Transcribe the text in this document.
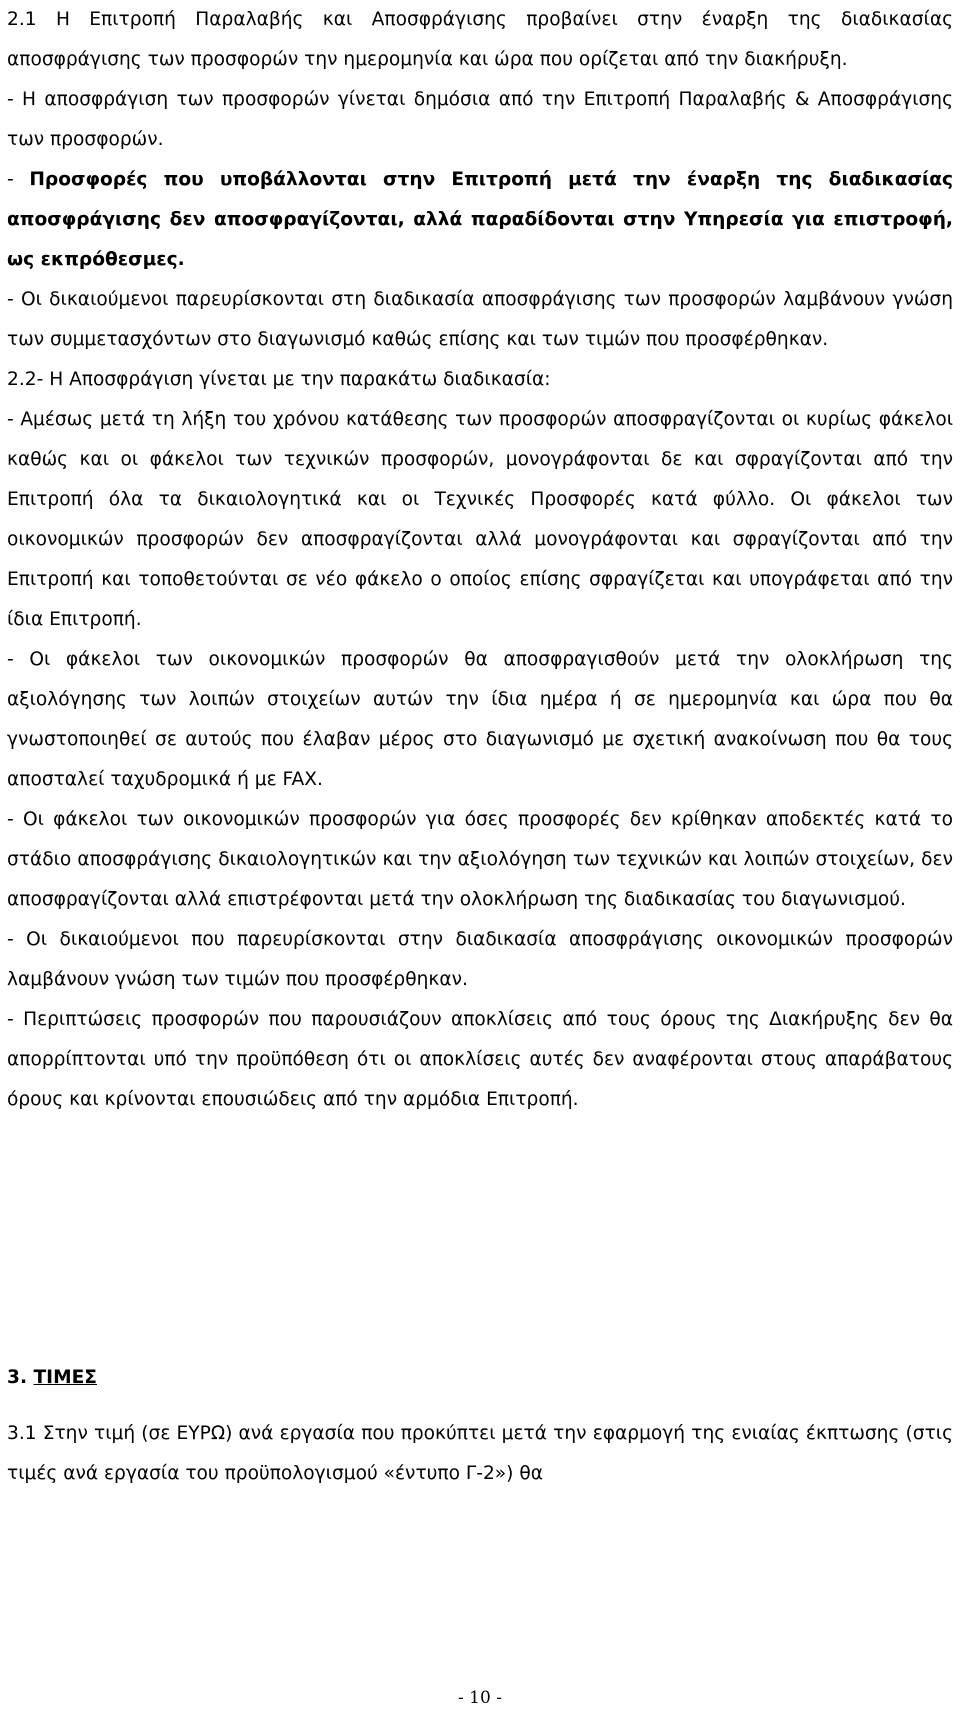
2.1 Η Επιτροπή Παραλαβής και Αποσφράγισης προβαίνει στην έναρξη της διαδικασίας αποσφράγισης των προσφορών την ημερομηνία και ώρα που ορίζεται από την διακήρυξη.

- Η αποσφράγιση των προσφορών γίνεται δημόσια από την Επιτροπή Παραλαβής & Αποσφράγισης των προσφορών.

- Προσφορές που υποβάλλονται στην Επιτροπή μετά την έναρξη της διαδικασίας αποσφράγισης δεν αποσφραγίζονται, αλλά παραδίδονται στην Υπηρεσία για επιστροφή, ως εκπρόθεσμες.

- Οι δικαιούμενοι παρευρίσκονται στη διαδικασία αποσφράγισης των προσφορών λαμβάνουν γνώση των συμμετασχόντων στο διαγωνισμό καθώς επίσης και των τιμών που προσφέρθηκαν.

2.2- Η Αποσφράγιση γίνεται με την παρακάτω διαδικασία:

- Αμέσως μετά τη λήξη του χρόνου κατάθεσης των προσφορών αποσφραγίζονται οι κυρίως φάκελοι καθώς και οι φάκελοι των τεχνικών προσφορών, μονογράφονται δε και σφραγίζονται από την Επιτροπή όλα τα δικαιολογητικά και οι Τεχνικές Προσφορές κατά φύλλο. Οι φάκελοι των οικονομικών προσφορών δεν αποσφραγίζονται αλλά μονογράφονται και σφραγίζονται από την Επιτροπή και τοποθετούνται σε νέο φάκελο ο οποίος επίσης σφραγίζεται και υπογράφεται από την ίδια Επιτροπή.

- Οι φάκελοι των οικονομικών προσφορών θα αποσφραγισθούν μετά την ολοκλήρωση της αξιολόγησης των λοιπών στοιχείων αυτών την ίδια ημέρα ή σε ημερομηνία και ώρα που θα γνωστοποιηθεί σε αυτούς που έλαβαν μέρος στο διαγωνισμό με σχετική ανακοίνωση που θα τους αποσταλεί ταχυδρομικά ή με FAX.

- Οι φάκελοι των οικονομικών προσφορών για όσες προσφορές δεν κρίθηκαν αποδεκτές κατά το στάδιο αποσφράγισης δικαιολογητικών και την αξιολόγηση των τεχνικών και λοιπών στοιχείων, δεν αποσφραγίζονται αλλά επιστρέφονται μετά την ολοκλήρωση της διαδικασίας του διαγωνισμού.

- Οι δικαιούμενοι που παρευρίσκονται στην διαδικασία αποσφράγισης οικονομικών προσφορών λαμβάνουν γνώση των τιμών που προσφέρθηκαν.

- Περιπτώσεις προσφορών που παρουσιάζουν αποκλίσεις από τους όρους της Διακήρυξης δεν θα απορρίπτονται υπό την προϋπόθεση ότι οι αποκλίσεις αυτές δεν αναφέρονται στους απαράβατους όρους και κρίνονται επουσιώδεις από την αρμόδια Επιτροπή.

3. ΤΙΜΕΣ

3.1 Στην τιμή (σε ΕΥΡΩ) ανά εργασία που προκύπτει μετά την εφαρμογή της ενιαίας έκπτωσης (στις τιμές ανά εργασία του προϋπολογισμού «έντυπο Γ-2») θα

- 10 -
